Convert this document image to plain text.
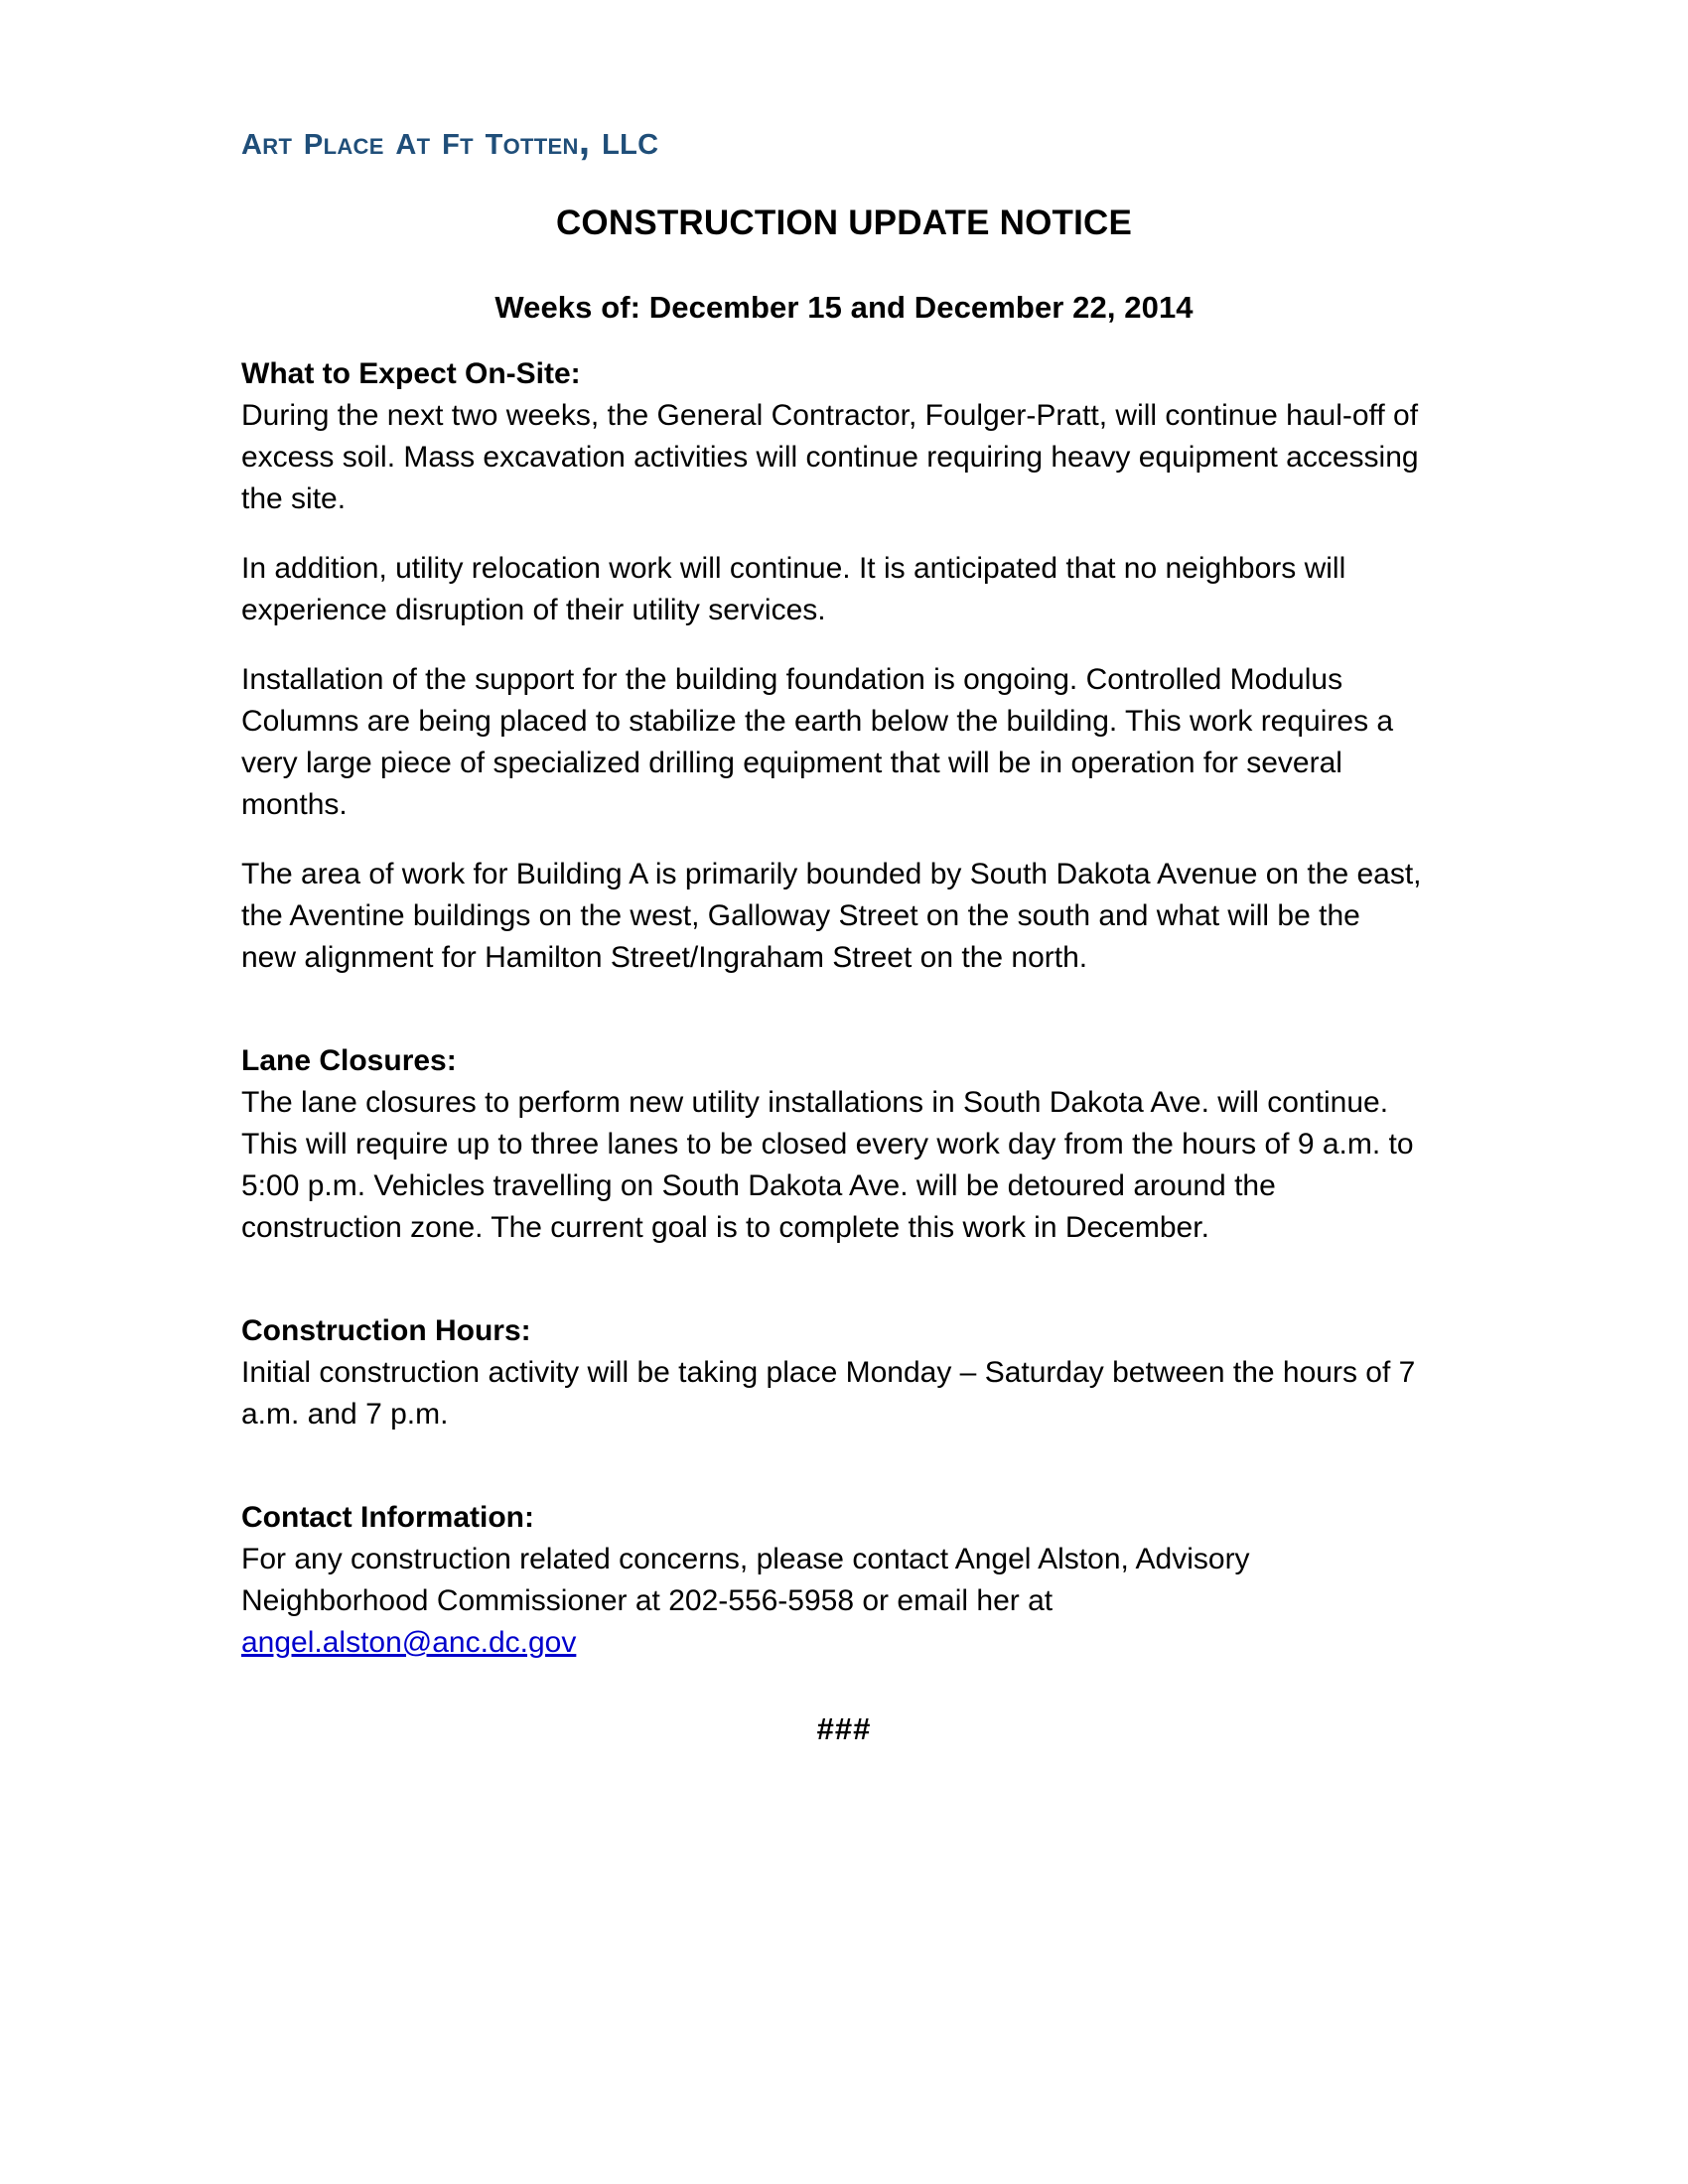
art place at ft totten, llc
CONSTRUCTION UPDATE NOTICE
Weeks of: December 15 and December 22, 2014
What to Expect On-Site:
During the next two weeks, the General Contractor, Foulger-Pratt, will continue haul-off of excess soil. Mass excavation activities will continue requiring heavy equipment accessing the site.
In addition, utility relocation work will continue. It is anticipated that no neighbors will experience disruption of their utility services.
Installation of the support for the building foundation is ongoing. Controlled Modulus Columns are being placed to stabilize the earth below the building. This work requires a very large piece of specialized drilling equipment that will be in operation for several months.
The area of work for Building A is primarily bounded by South Dakota Avenue on the east, the Aventine buildings on the west, Galloway Street on the south and what will be the new alignment for Hamilton Street/Ingraham Street on the north.
Lane Closures:
The lane closures to perform new utility installations in South Dakota Ave. will continue. This will require up to three lanes to be closed every work day from the hours of 9 a.m. to 5:00 p.m. Vehicles travelling on South Dakota Ave. will be detoured around the construction zone. The current goal is to complete this work in December.
Construction Hours:
Initial construction activity will be taking place Monday – Saturday between the hours of 7 a.m. and 7 p.m.
Contact Information:
For any construction related concerns, please contact Angel Alston, Advisory Neighborhood Commissioner at 202-556-5958 or email her at
angel.alston@anc.dc.gov
###
